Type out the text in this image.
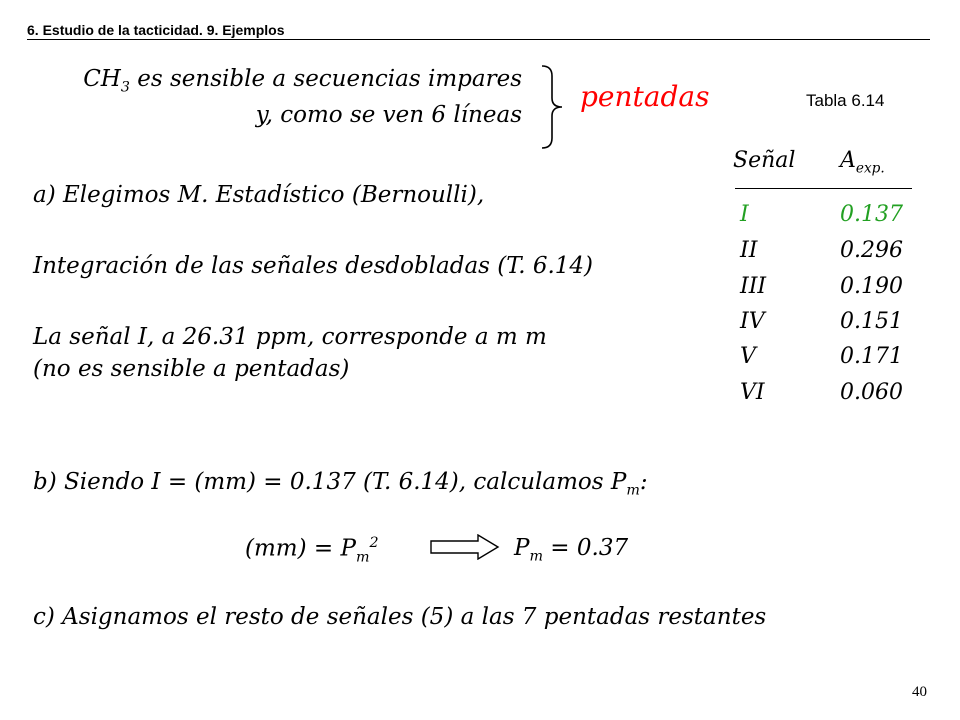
6. Estudio de la tacticidad. 9. Ejemplos
$CH_3$ es sensible a secuencias impares
y, como se ven 6 líneas
pentadas	Tabla 6.14
Señal $A_{exp.}$
I	0.137
II	0.296
III	0.190
IV	0.151
V	0.171
VI	0.060
a) Elegimos M. Estadístico (Bernoulli),
Integración de las señales desdobladas (T. 6.14)
La señal I, a 26.31 ppm, corresponde a m m
(no es sensible a pentadas)
b) Siendo I = (mm) = 0.137 (T. 6.14), calculamos $P_m$:
$(mm) = P_m^2$	$P_m = 0.37$
c) Asignamos el resto de señales (5) a las 7 pentadas restantes
40
